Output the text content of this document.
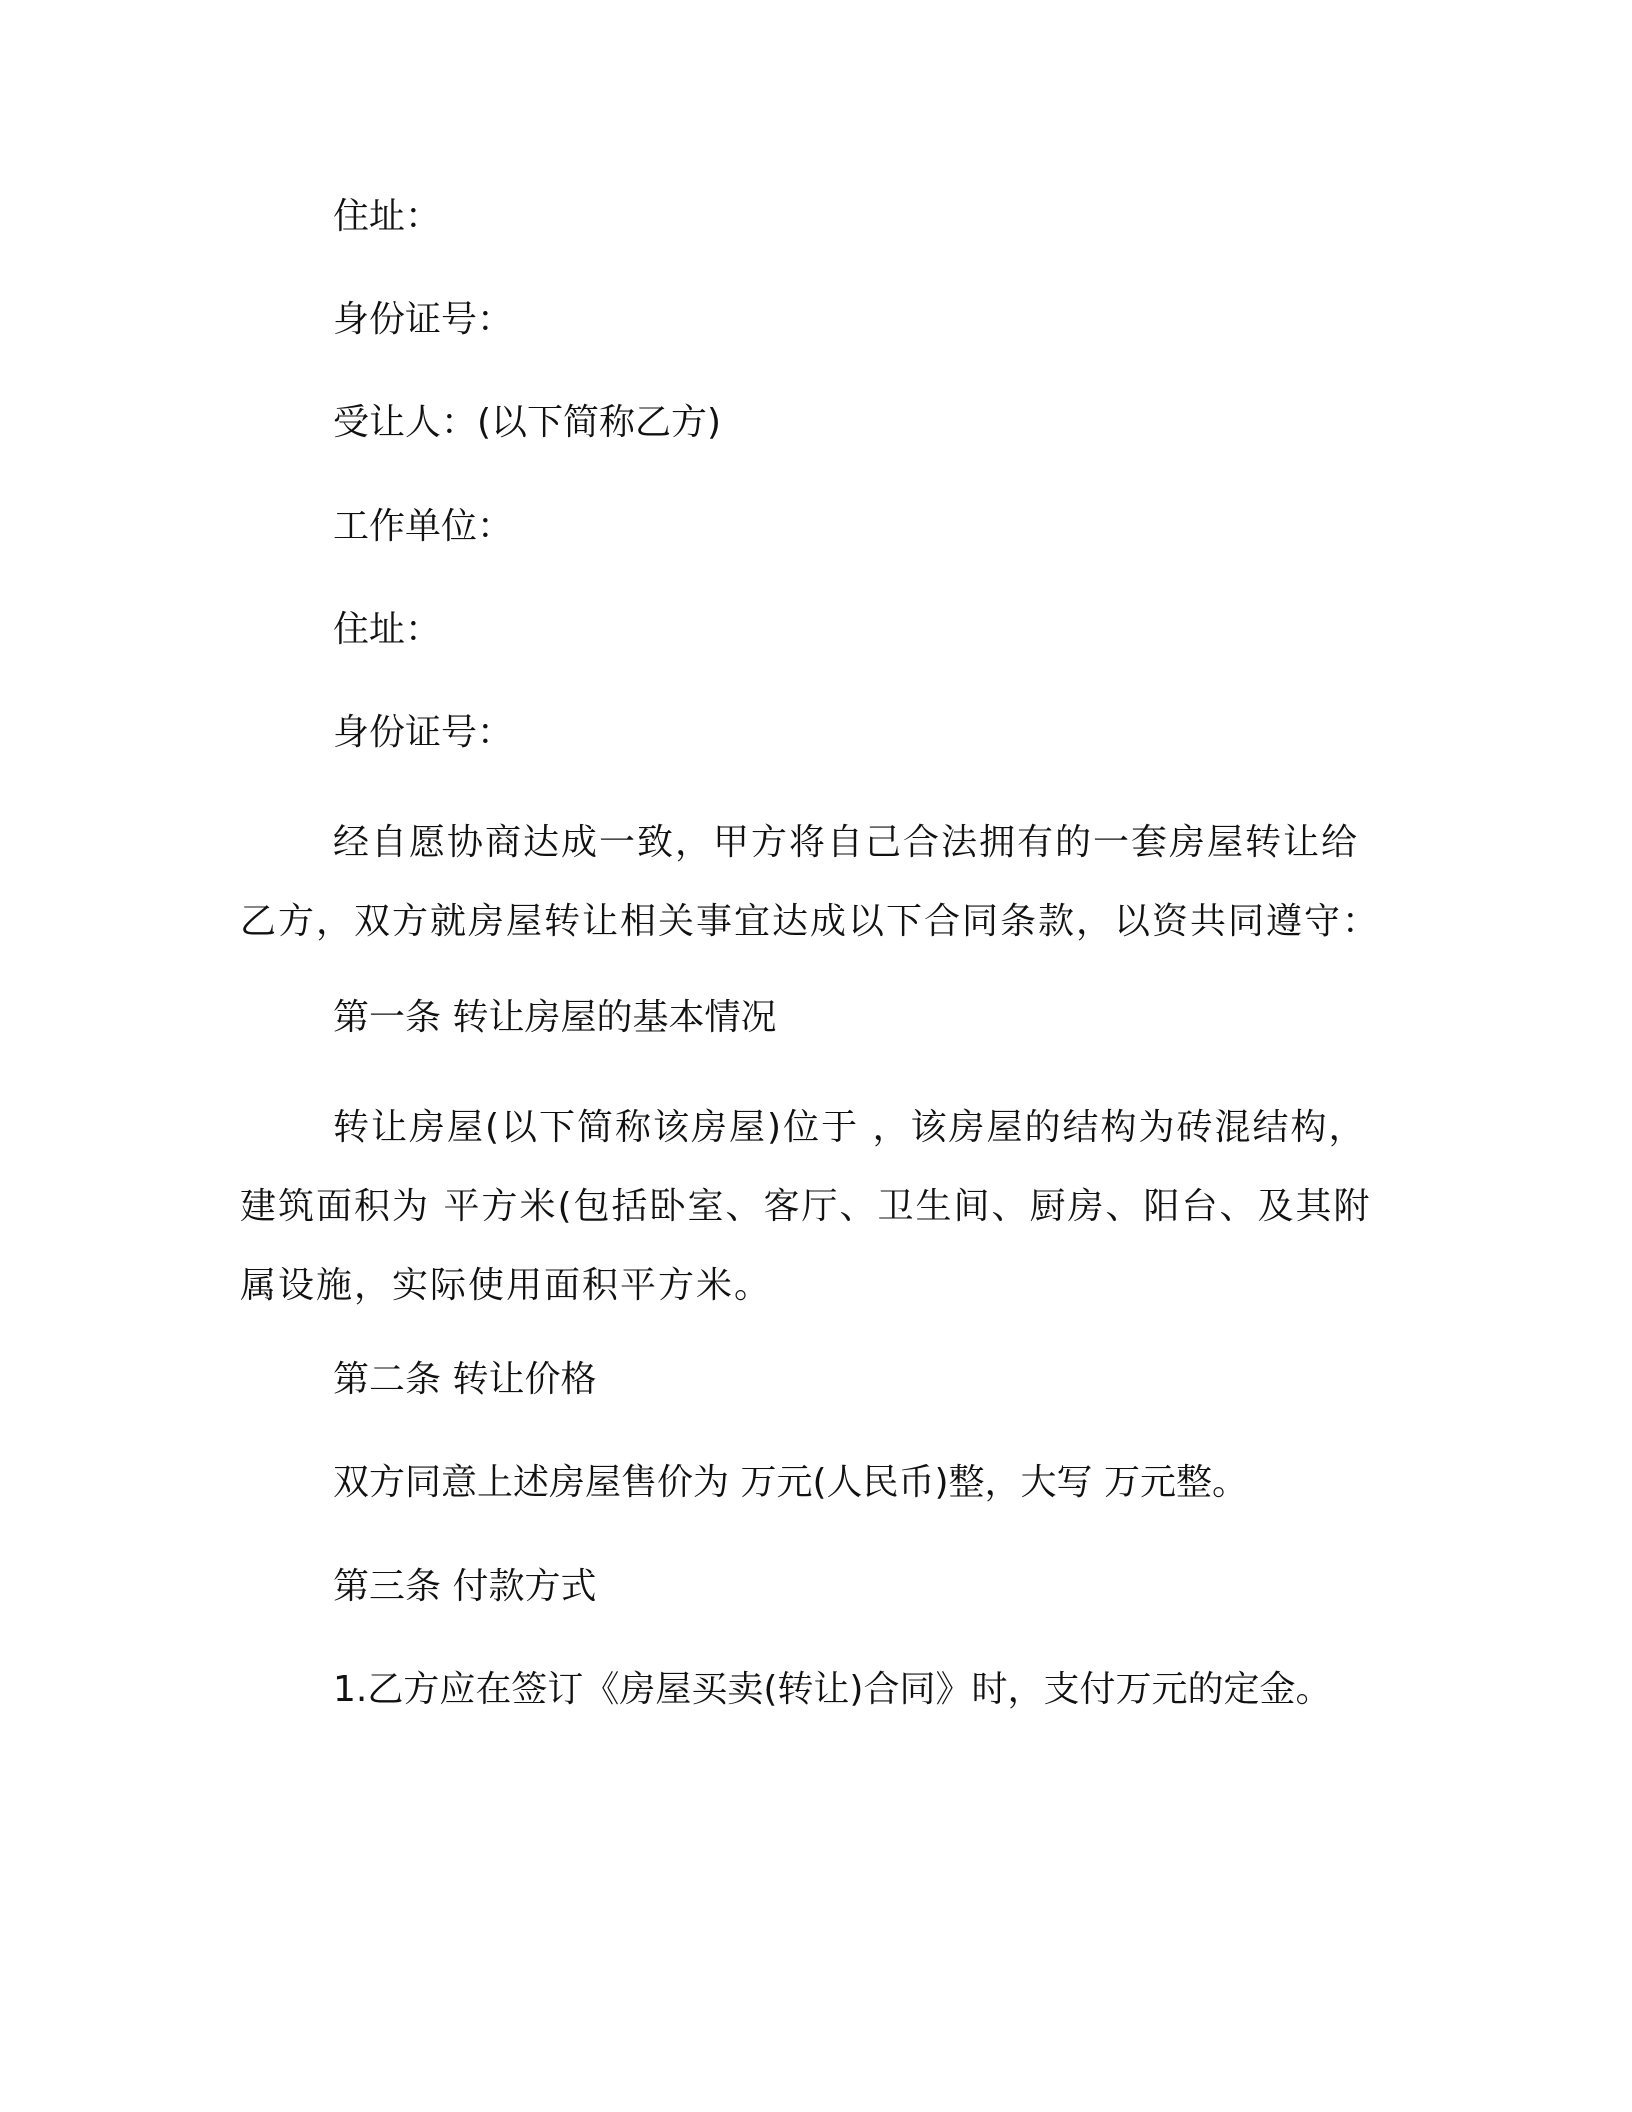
住址：
身份证号：
受让人：(以下简称乙方)
工作单位：
住址：
身份证号：

经自愿协商达成一致，甲方将自己合法拥有的一套房屋转让给乙方，双方就房屋转让相关事宜达成以下合同条款，以资共同遵守：

第一条 转让房屋的基本情况

转让房屋(以下简称该房屋)位于 ，该房屋的结构为砖混结构，建筑面积为 平方米(包括卧室、客厅、卫生间、厨房、阳台、及其附属设施，实际使用面积平方米。

第二条 转让价格
双方同意上述房屋售价为 万元(人民币)整，大写 万元整。
第三条 付款方式
1.乙方应在签订《房屋买卖(转让)合同》时，支付万元的定金。
